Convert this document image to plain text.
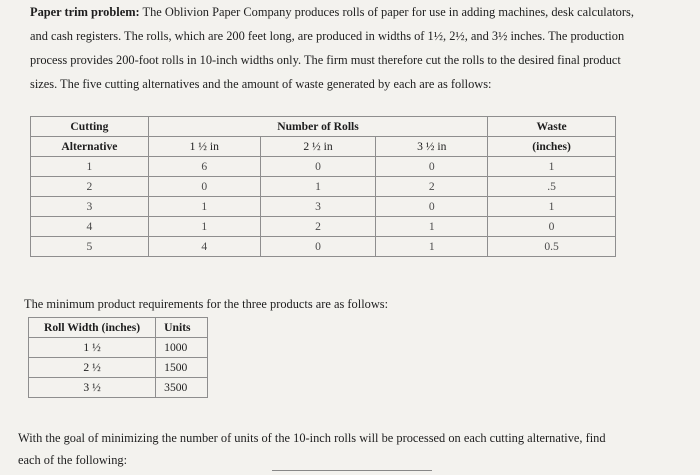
Paper trim problem: The Oblivion Paper Company produces rolls of paper for use in adding machines, desk calculators,
and cash registers. The rolls, which are 200 feet long, are produced in widths of 1½, 2½, and 3½ inches. The production
process provides 200-foot rolls in 10-inch widths only. The firm must therefore cut the rolls to the desired final product
sizes. The five cutting alternatives and the amount of waste generated by each are as follows:
Cutting	Number of Rolls			Waste
Alternative	1 ½ in	2 ½ in	3 ½ in	(inches)
1	6	0	0	1
2	0	1	2	.5
3	1	3	0	1
4	1	2	1	0
5	4	0	1	0.5
The minimum product requirements for the three products are as follows:
Roll Width (inches)	Units
1 ½	1000
2 ½	1500
3 ½	3500
With the goal of minimizing the number of units of the 10-inch rolls will be processed on each cutting alternative, find
each of the following:
